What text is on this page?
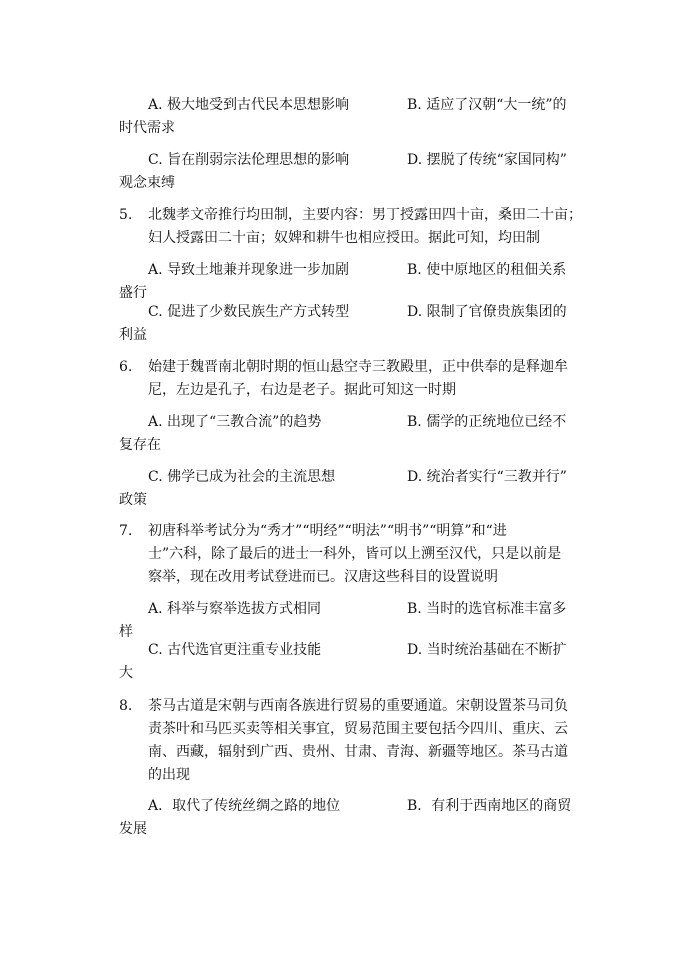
A. 极大地受到古代民本思想影响	B. 适应了汉朝“大一统”的
时代需求
C. 旨在削弱宗法伦理思想的影响	D. 摆脱了传统“家国同构”
观念束缚
5. 北魏孝文帝推行均田制，主要内容：男丁授露田四十亩，桑田二十亩；
妇人授露田二十亩；奴婢和耕牛也相应授田。据此可知，均田制
A. 导致土地兼并现象进一步加剧	B. 使中原地区的租佃关系
盛行
C. 促进了少数民族生产方式转型	D. 限制了官僚贵族集团的
利益
6. 始建于魏晋南北朝时期的恒山悬空寺三教殿里，正中供奉的是释迦牟
尼，左边是孔子，右边是老子。据此可知这一时期
A. 出现了“三教合流”的趋势	B. 儒学的正统地位已经不
复存在
C. 佛学已成为社会的主流思想	D. 统治者实行“三教并行”
政策
7. 初唐科举考试分为“秀才”“明经”“明法”“明书”“明算”和“进
士”六科，除了最后的进士一科外，皆可以上溯至汉代，只是以前是
察举，现在改用考试登进而已。汉唐这些科目的设置说明
A. 科举与察举选拔方式相同	B. 当时的选官标准丰富多
样
C. 古代选官更注重专业技能	D. 当时统治基础在不断扩
大
8. 茶马古道是宋朝与西南各族进行贸易的重要通道。宋朝设置茶马司负
责茶叶和马匹买卖等相关事宜，贸易范围主要包括今四川、重庆、云
南、西藏，辐射到广西、贵州、甘肃、青海、新疆等地区。茶马古道
的出现
A．取代了传统丝绸之路的地位	B．有利于西南地区的商贸
发展
